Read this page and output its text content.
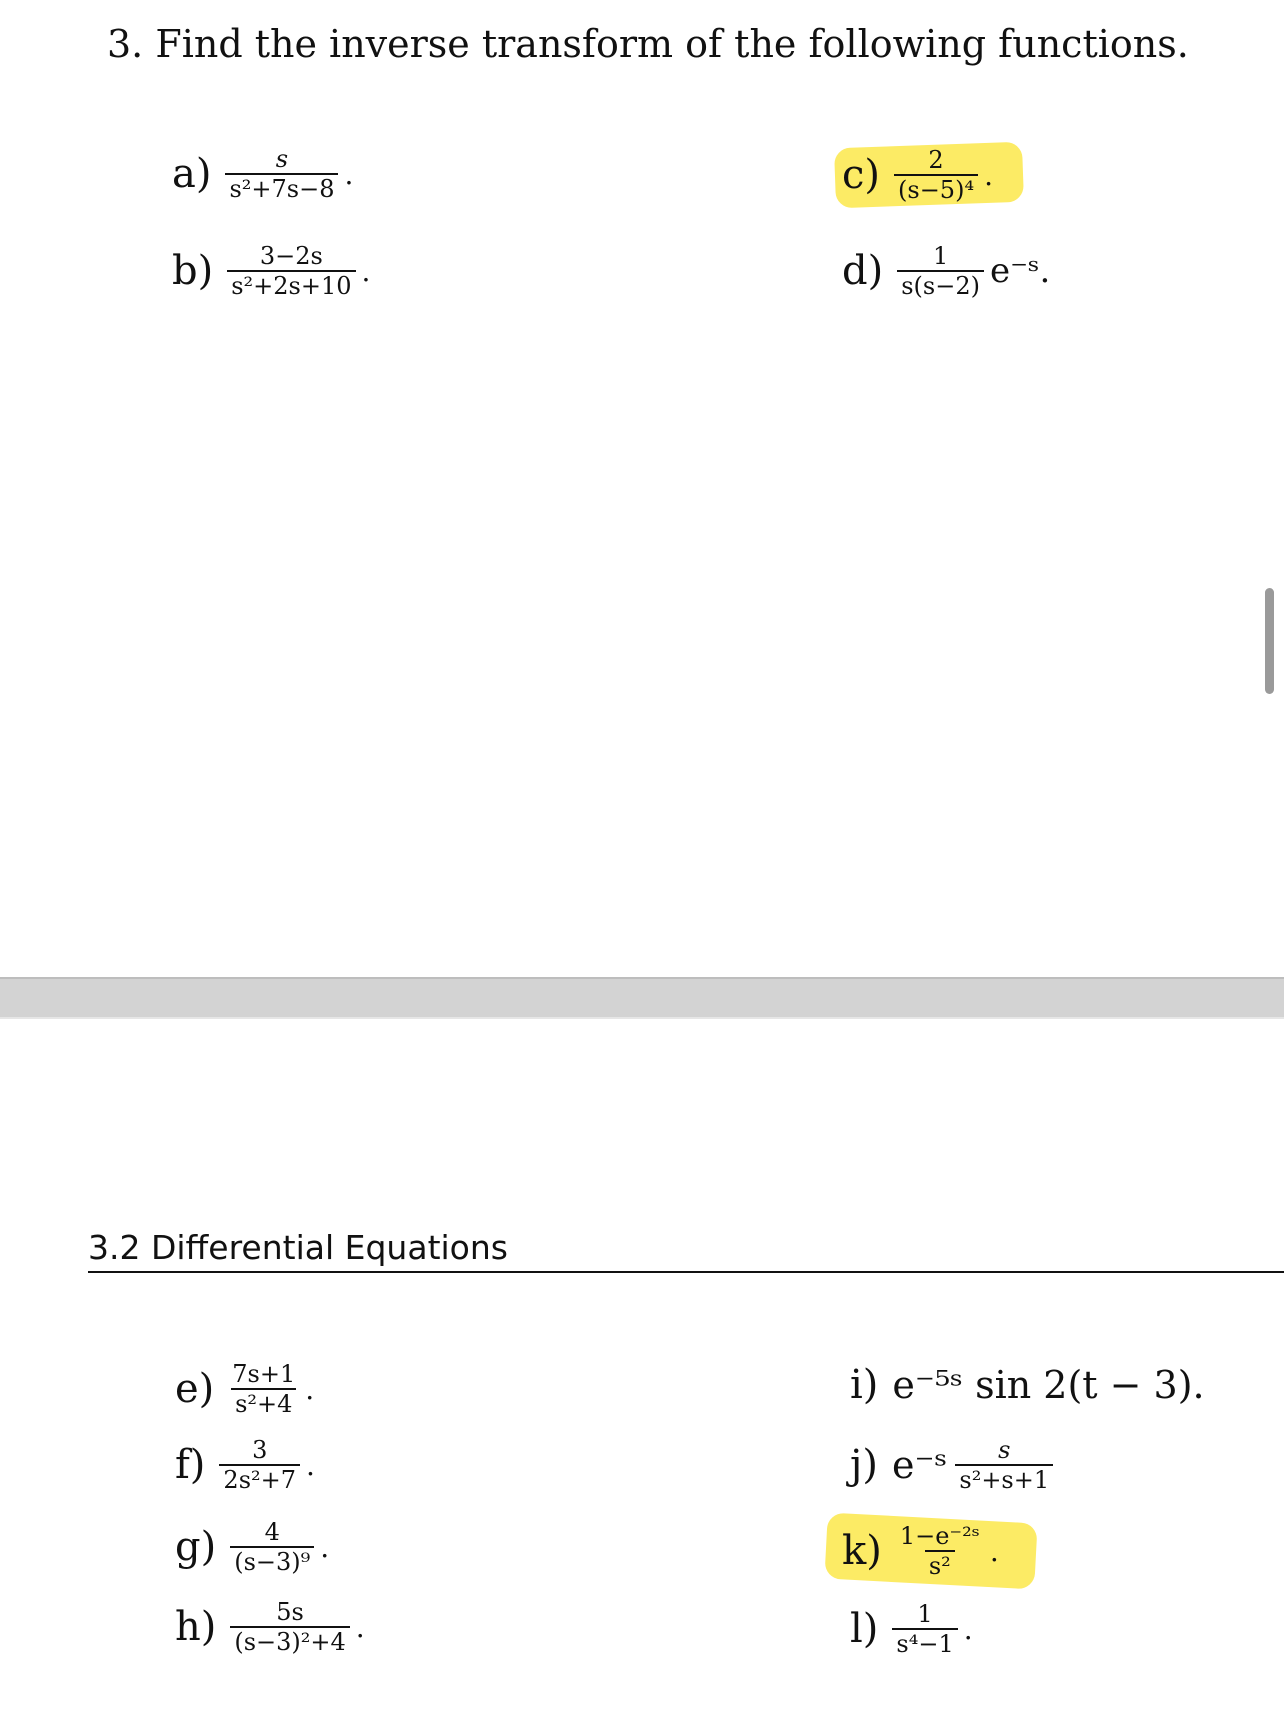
3. Find the inverse transform of the following functions.
$a) \frac{s}{\text{s²+7s−8}}$ .
$b) \frac{3-2s}{\text{s²+2s+10}}$ .
$c) \frac{2}{\text{(s−5)⁴}}$ .
$d) \frac{1}{s(s-2)}$ e⁻ˢ.
3.2 Differential Equations
$e) \frac{7s+1}{\text{s²+4}}$ .
$f) \frac{3}{\text{2s²+7}}$ .
$g) \frac{4}{\text{(s−3)⁹}}$ .
$h) \frac{5s}{\text{(s−3)²+4}}$ .
i) e⁻⁵ˢ sin 2(t − 3).
j) e⁻ˢ $\frac{s}{\text{s²+s+1}}$
$k) \frac{\text{1−e⁻²ˢ}}{\text{s²}}$ .
$l) \frac{1}{\text{s⁴−1}}$ .
